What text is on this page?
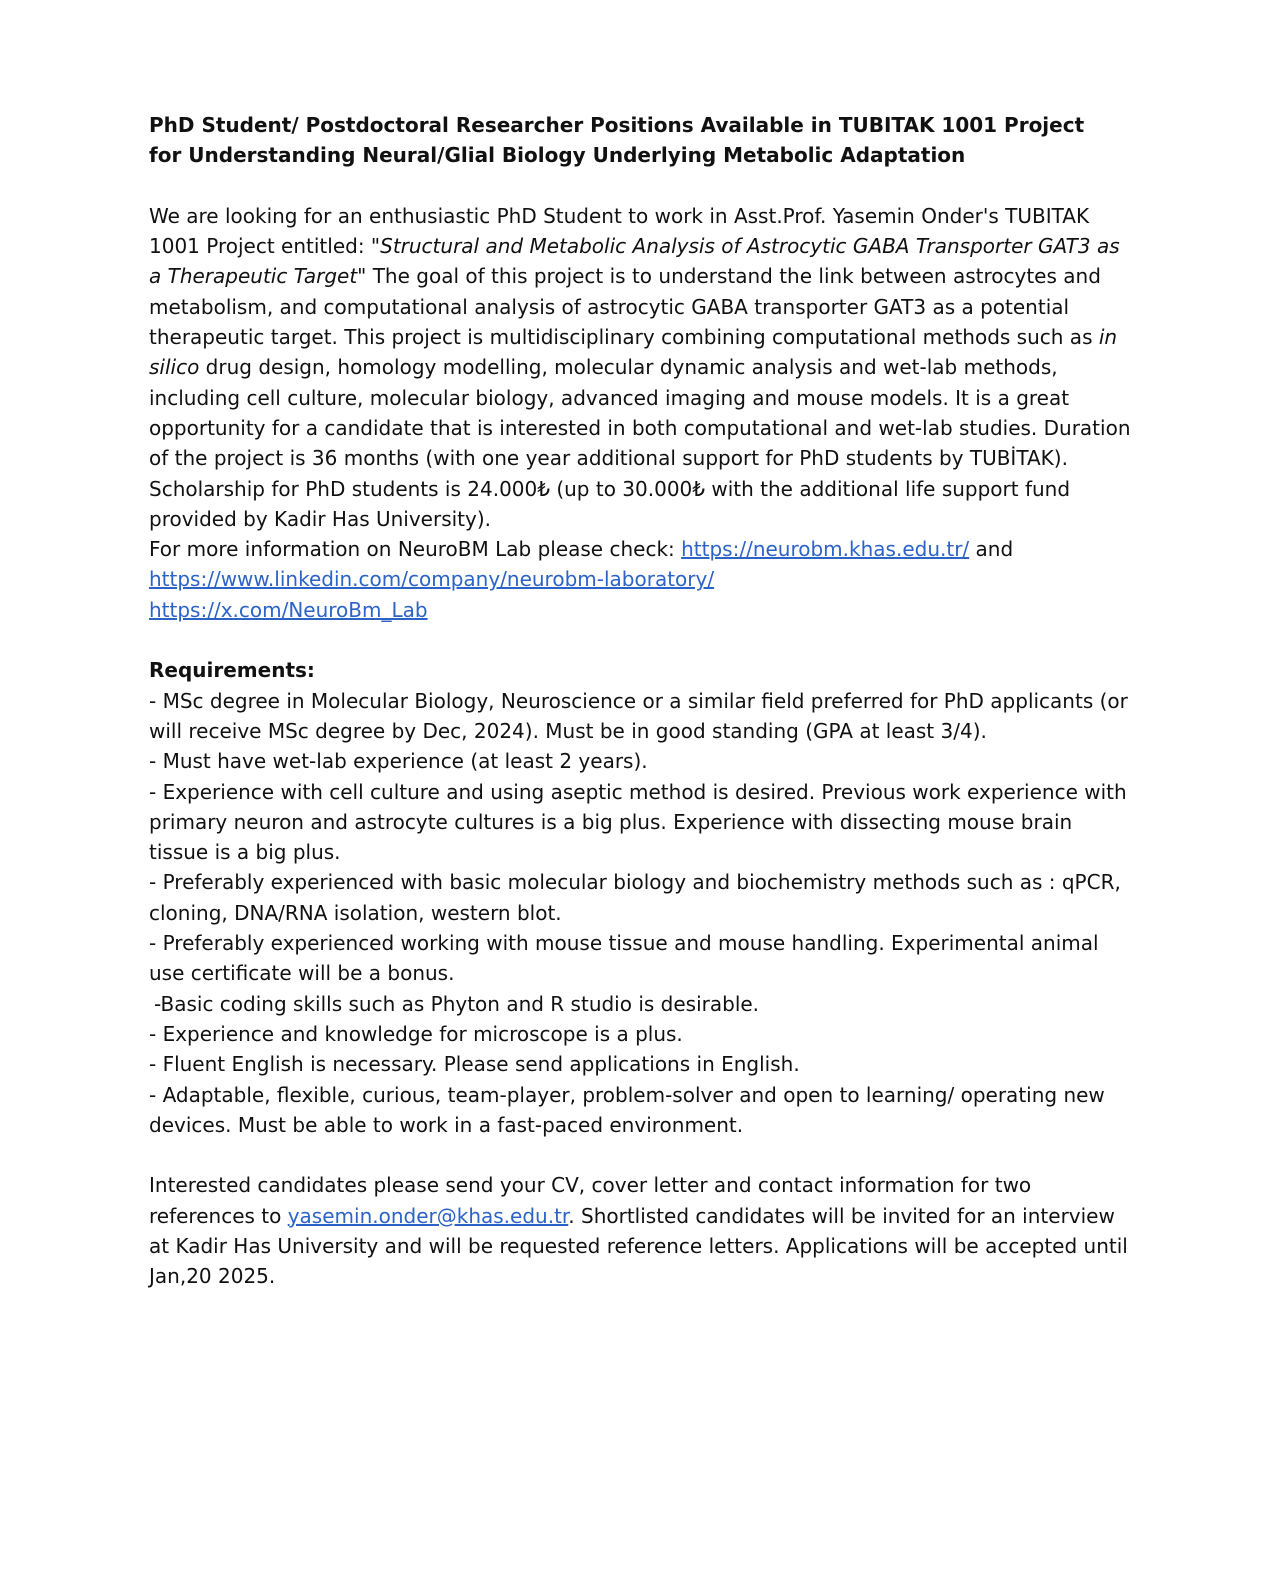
PhD Student/ Postdoctoral Researcher Positions Available in TUBITAK 1001 Project for Understanding Neural/Glial Biology Underlying Metabolic Adaptation

We are looking for an enthusiastic PhD Student to work in Asst.Prof. Yasemin Onder's TUBITAK 1001 Project entitled: "Structural and Metabolic Analysis of Astrocytic GABA Transporter GAT3 as a Therapeutic Target" The goal of this project is to understand the link between astrocytes and metabolism, and computational analysis of astrocytic GABA transporter GAT3 as a potential therapeutic target. This project is multidisciplinary combining computational methods such as in silico drug design, homology modelling, molecular dynamic analysis and wet-lab methods, including cell culture, molecular biology, advanced imaging and mouse models. It is a great opportunity for a candidate that is interested in both computational and wet-lab studies. Duration of the project is 36 months (with one year additional support for PhD students by TUBİTAK). Scholarship for PhD students is 24.000₺ (up to 30.000₺ with the additional life support fund provided by Kadir Has University).
For more information on NeuroBM Lab please check: https://neurobm.khas.edu.tr/ and
https://www.linkedin.com/company/neurobm-laboratory/
https://x.com/NeuroBm_Lab

Requirements:

- MSc degree in Molecular Biology, Neuroscience or a similar field preferred for PhD applicants (or will receive MSc degree by Dec, 2024). Must be in good standing (GPA at least 3/4).

- Must have wet-lab experience (at least 2 years).

- Experience with cell culture and using aseptic method is desired. Previous work experience with primary neuron and astrocyte cultures is a big plus. Experience with dissecting mouse brain tissue is a big plus.

- Preferably experienced with basic molecular biology and biochemistry methods such as : qPCR, cloning, DNA/RNA isolation, western blot.

- Preferably experienced working with mouse tissue and mouse handling. Experimental animal use certificate will be a bonus.

-Basic coding skills such as Phyton and R studio is desirable.

- Experience and knowledge for microscope is a plus.

- Fluent English is necessary. Please send applications in English.

- Adaptable, flexible, curious, team-player, problem-solver and open to learning/ operating new devices. Must be able to work in a fast-paced environment.

Interested candidates please send your CV, cover letter and contact information for two references to yasemin.onder@khas.edu.tr. Shortlisted candidates will be invited for an interview at Kadir Has University and will be requested reference letters. Applications will be accepted until Jan,20 2025.
